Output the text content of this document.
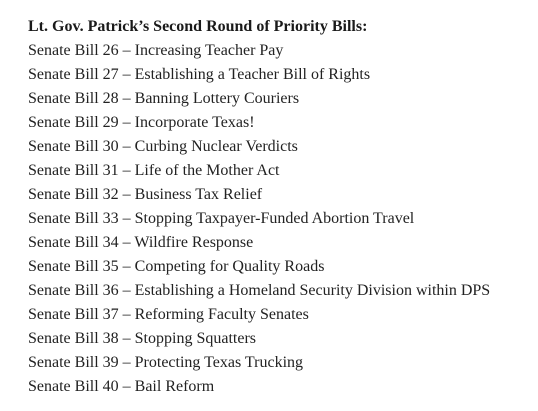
Lt. Gov. Patrick’s Second Round of Priority Bills:

Senate Bill 26 – Increasing Teacher Pay
Senate Bill 27 – Establishing a Teacher Bill of Rights
Senate Bill 28 – Banning Lottery Couriers
Senate Bill 29 – Incorporate Texas!
Senate Bill 30 – Curbing Nuclear Verdicts
Senate Bill 31 – Life of the Mother Act
Senate Bill 32 – Business Tax Relief
Senate Bill 33 – Stopping Taxpayer-Funded Abortion Travel
Senate Bill 34 – Wildfire Response
Senate Bill 35 – Competing for Quality Roads
Senate Bill 36 – Establishing a Homeland Security Division within DPS
Senate Bill 37 – Reforming Faculty Senates
Senate Bill 38 – Stopping Squatters
Senate Bill 39 – Protecting Texas Trucking
Senate Bill 40 – Bail Reform
